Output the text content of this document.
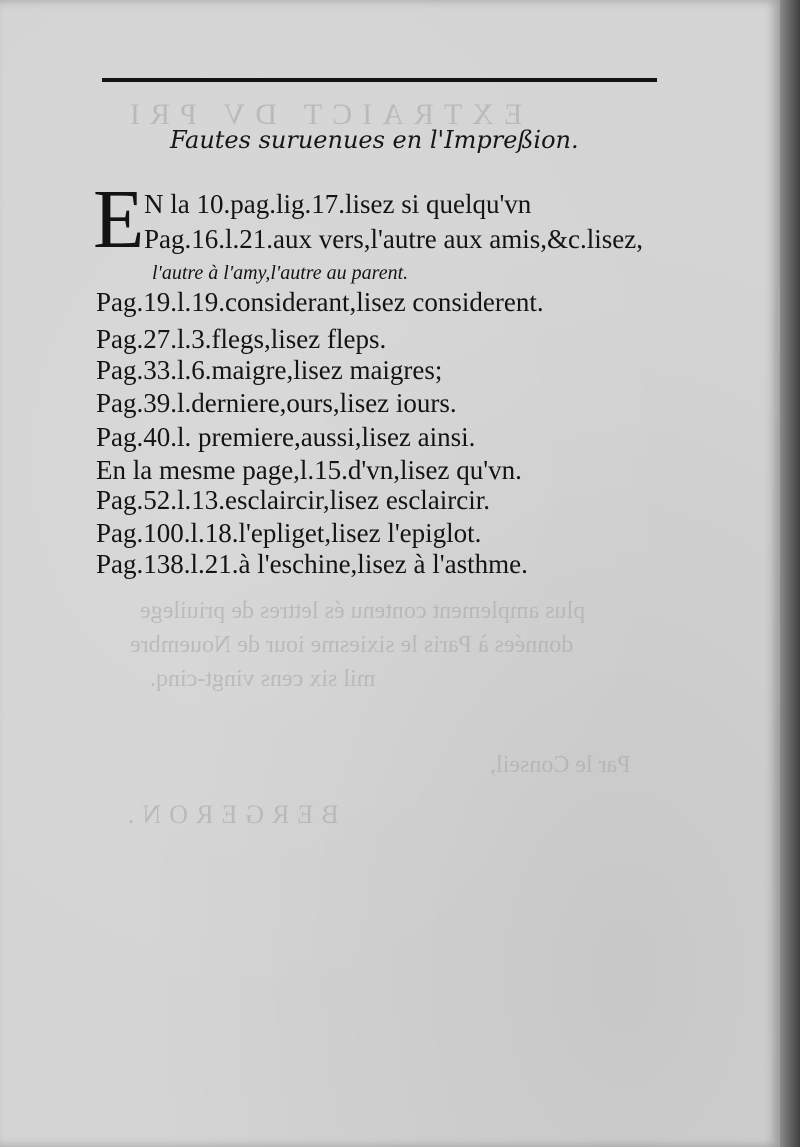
EXTRAICT DV PRI
plus amplement contenu és lettres de priuilege
données à Paris le sixiesme iour de Nouembre
mil six cens vingt-cinq.
Par le Conseil,
BERGERON.
Fautes suruenues en l'Impreßion.
E N la 10.pag.lig.17.lisez si quelqu'vn
Pag.16.l.21.aux vers,l'autre aux amis,&c.lisez,
l'autre à l'amy,l'autre au parent.
Pag.19.l.19.considerant,lisez considerent.
Pag.27.l.3.flegs,lisez fleps.
Pag.33.l.6.maigre,lisez maigres;
Pag.39.l.derniere,ours,lisez iours.
Pag.40.l. premiere,aussi,lisez ainsi.
En la mesme page,l.15.d'vn,lisez qu'vn.
Pag.52.l.13.esclaircir,lisez esclaircir.
Pag.100.l.18.l'epliget,lisez l'epiglot.
Pag.138.l.21.à l'eschine,lisez à l'asthme.
